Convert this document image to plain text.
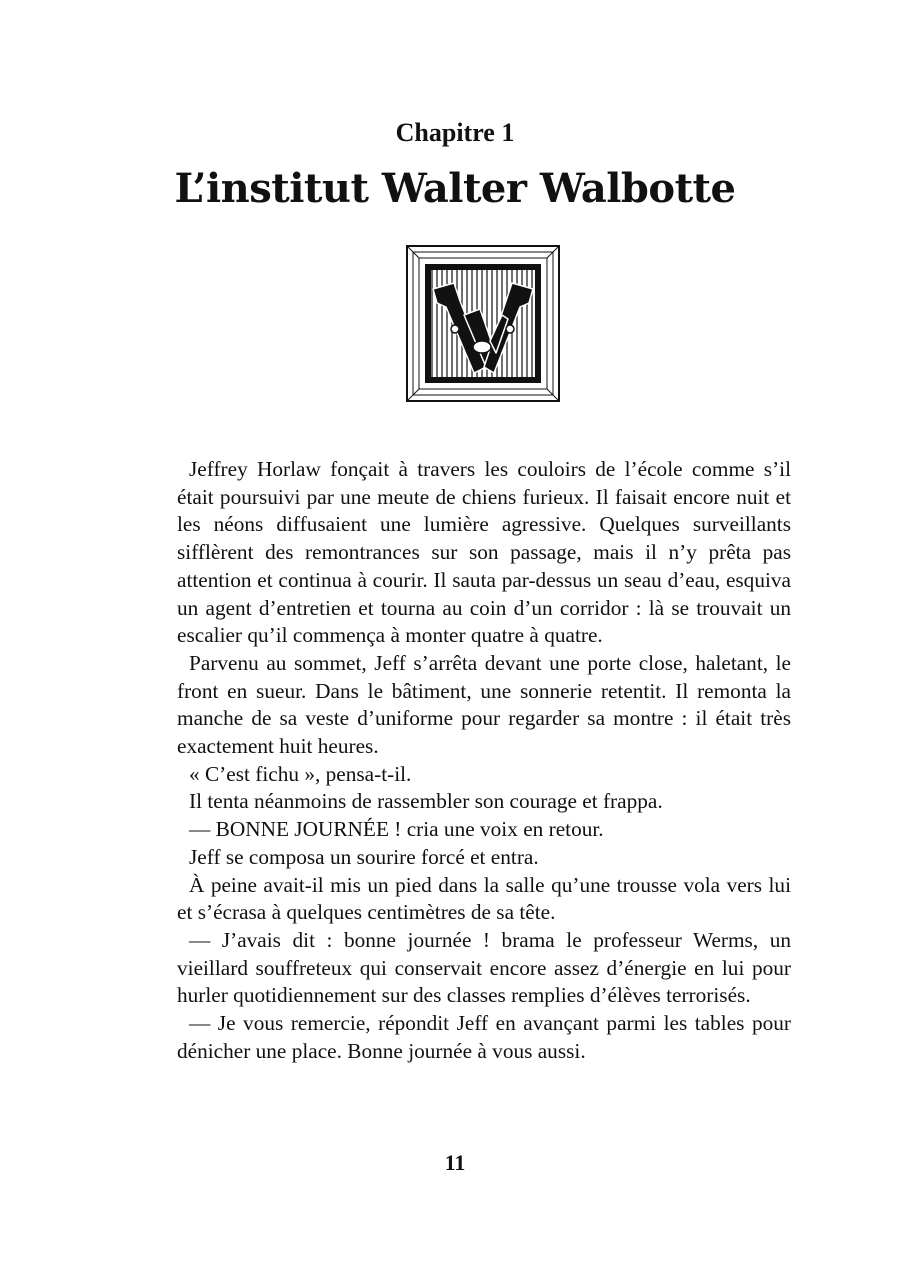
Chapitre 1
L’institut Walter Walbotte

Jeffrey Horlaw fonçait à travers les couloirs de l’école comme s’il était poursuivi par une meute de chiens furieux. Il faisait encore nuit et les néons diffusaient une lumière agressive. Quelques surveillants sifflèrent des remontrances sur son passage, mais il n’y prêta pas attention et continua à courir. Il sauta par-dessus un seau d’eau, esquiva un agent d’entretien et tourna au coin d’un corridor : là se trouvait un escalier qu’il commença à monter quatre à quatre.

Parvenu au sommet, Jeff s’arrêta devant une porte close, haletant, le front en sueur. Dans le bâtiment, une sonnerie retentit. Il remonta la manche de sa veste d’uniforme pour regarder sa montre : il était très exactement huit heures.

« C’est fichu », pensa-t-il.

Il tenta néanmoins de rassembler son courage et frappa.

— BONNE JOURNÉE ! cria une voix en retour.

Jeff se composa un sourire forcé et entra.

À peine avait-il mis un pied dans la salle qu’une trousse vola vers lui et s’écrasa à quelques centimètres de sa tête.

— J’avais dit : bonne journée ! brama le professeur Werms, un vieillard souffreteux qui conservait encore assez d’énergie en lui pour hurler quotidiennement sur des classes remplies d’élèves terrorisés.

— Je vous remercie, répondit Jeff en avançant parmi les tables pour dénicher une place. Bonne journée à vous aussi.

11
